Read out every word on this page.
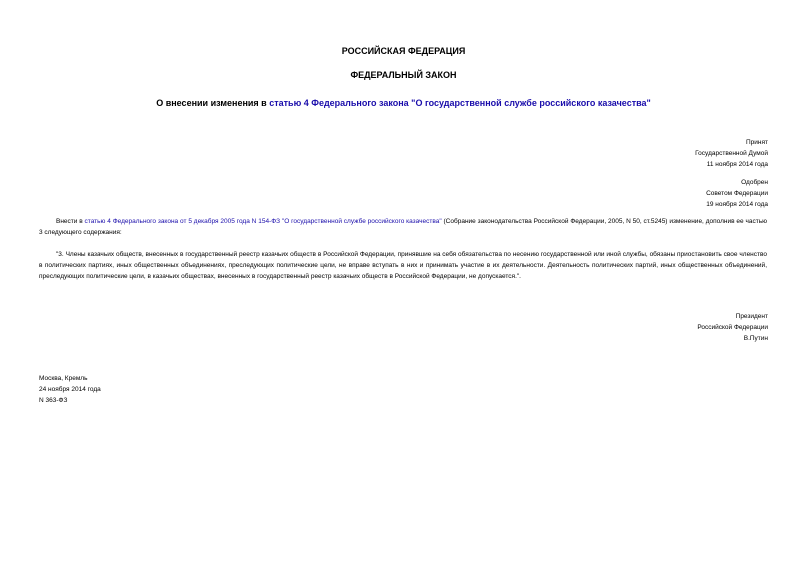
РОССИЙСКАЯ ФЕДЕРАЦИЯ
ФЕДЕРАЛЬНЫЙ ЗАКОН
О внесении изменения в статью 4 Федерального закона "О государственной службе российского казачества"
Принят
Государственной Думой
11 ноября 2014 года
Одобрен
Советом Федерации
19 ноября 2014 года
Внести в статью 4 Федерального закона от 5 декабря 2005 года N 154-ФЗ "О государственной службе российского казачества" (Собрание законодательства Российской Федерации, 2005, N 50, ст.5245) изменение, дополнив ее частью 3 следующего содержания:
"3. Члены казачьих обществ, внесенных в государственный реестр казачьих обществ в Российской Федерации, принявшие на себя обязательства по несению государственной или иной службы, обязаны приостановить свое членство в политических партиях, иных общественных объединениях, преследующих политические цели, не вправе вступать в них и принимать участие в их деятельности. Деятельность политических партий, иных общественных объединений, преследующих политические цели, в казачьих обществах, внесенных в государственный реестр казачьих обществ в Российской Федерации, не допускается.".
Президент
Российской Федерации
В.Путин
Москва, Кремль
24 ноября 2014 года
N 363-ФЗ
